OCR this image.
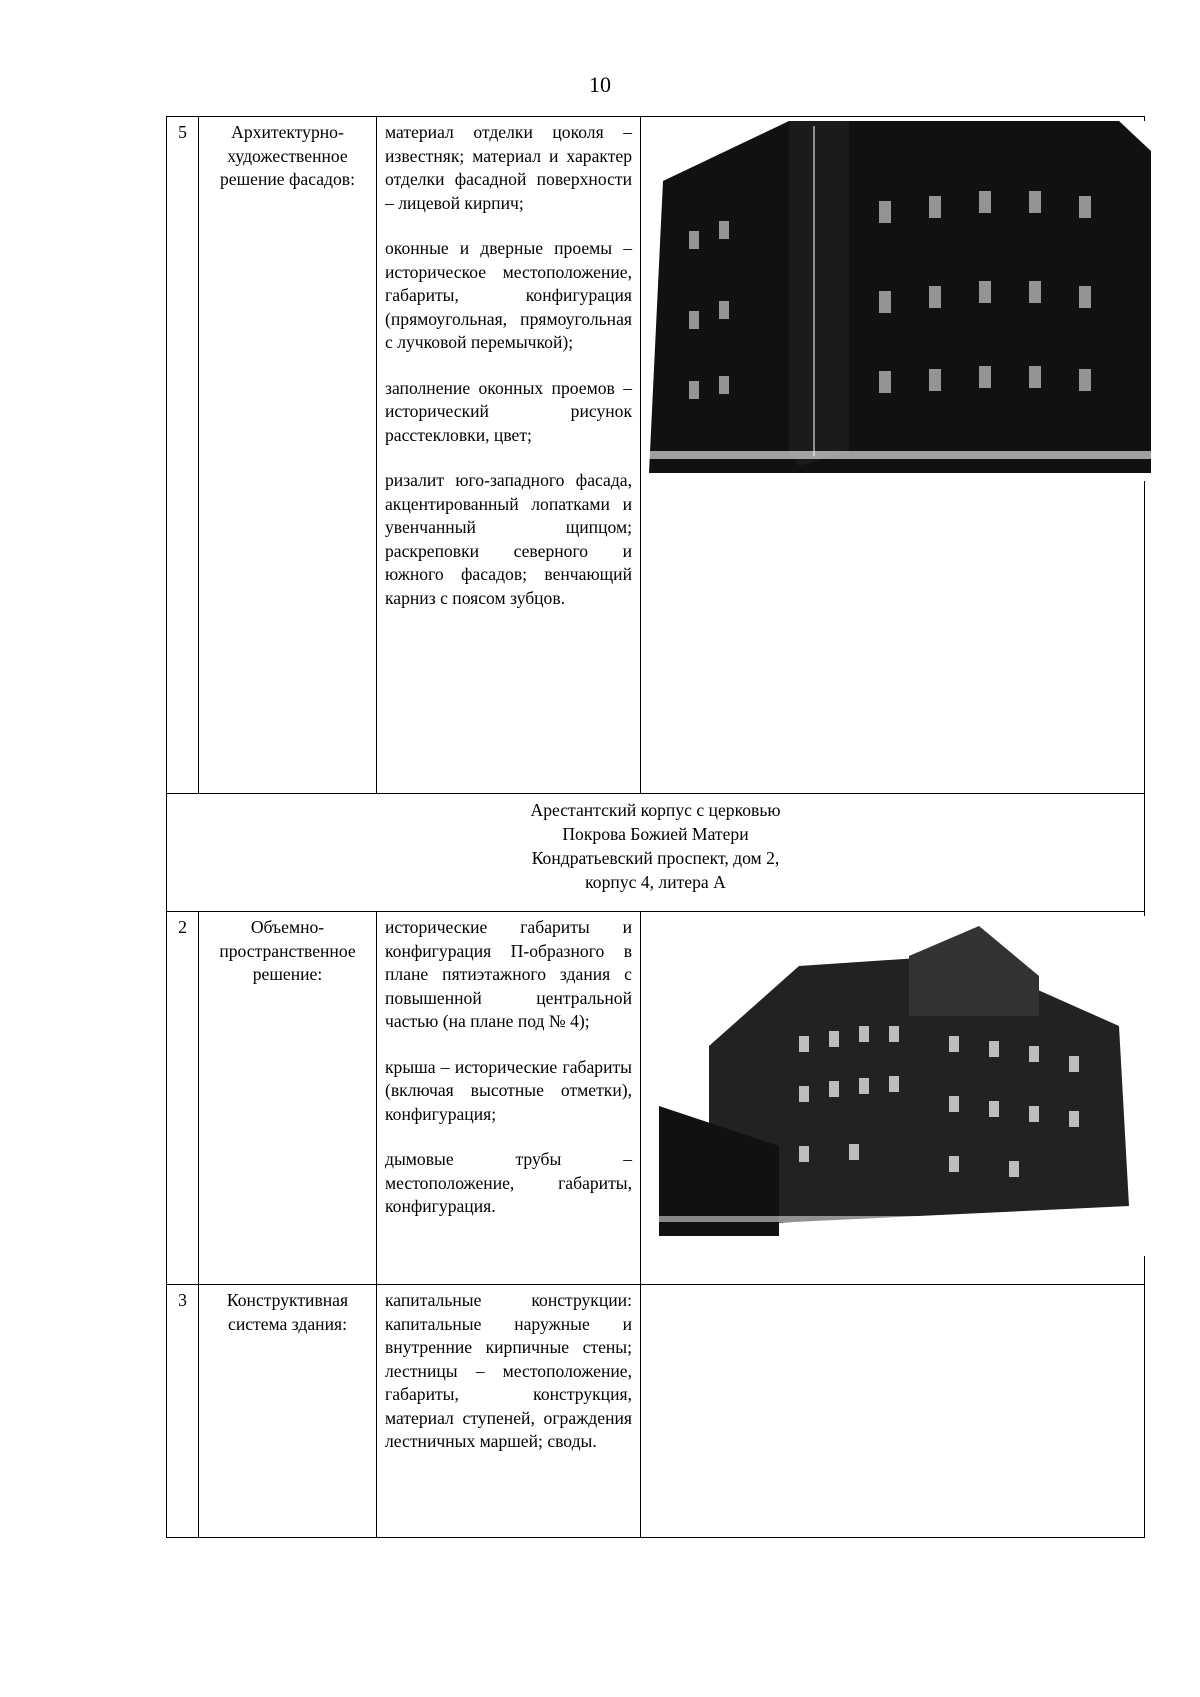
10
5	Архитектурно-художественное решение фасадов:	материал отделки цоколя – известняк; материал и характер отделки фасадной поверхности – лицевой кирпич;
оконные и дверные проемы – историческое местоположение, габариты, конфигурация (прямоугольная, прямоугольная с лучковой перемычкой);
заполнение оконных проемов – исторический рисунок расстекловки, цвет;
ризалит юго-западного фасада, акцентированный лопатками и увенчанный щипцом; раскреповки северного и южного фасадов; венчающий карниз с поясом зубцов.

Арестантский корпус с церковью
Покрова Божией Матери
Кондратьевский проспект, дом 2,
корпус 4, литера А			

2	Объемно-пространственное решение:	исторические габариты и конфигурация П-образного в плане пятиэтажного здания с повышенной центральной частью (на плане под № 4);
крыша – исторические габариты (включая высотные отметки), конфигурация;
дымовые трубы – местоположение, габариты, конфигурация.

3	Конструктивная система здания:	капитальные конструкции: капитальные наружные и внутренние кирпичные стены; лестницы – местоположение, габариты, конструкция, материал ступеней, ограждения лестничных маршей; своды.	
